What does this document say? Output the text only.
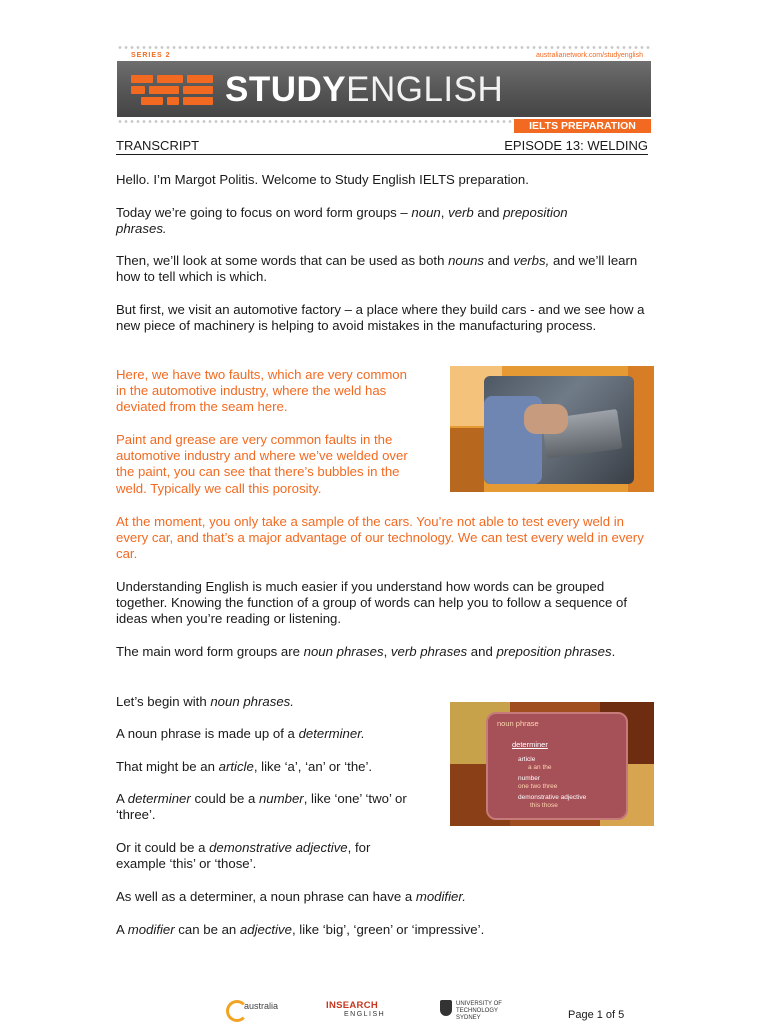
SERIES 2	australianetwork.com/studyenglish
STUDYENGLISH
IELTS PREPARATION
TRANSCRIPT	EPISODE 13: WELDING

Hello. I’m Margot Politis. Welcome to Study English IELTS preparation.

Today we’re going to focus on word form groups – noun, verb and preposition phrases.

Then, we’ll look at some words that can be used as both nouns and verbs, and we’ll learn how to tell which is which.

But first, we visit an automotive factory – a place where they build cars - and we see how a new piece of machinery is helping to avoid mistakes in the manufacturing process.

Here, we have two faults, which are very common in the automotive industry, where the weld has deviated from the seam here.

Paint and grease are very common faults in the automotive industry and where we’ve welded over the paint, you can see that there’s bubbles in the weld. Typically we call this porosity.

At the moment, you only take a sample of the cars. You’re not able to test every weld in every car, and that’s a major advantage of our technology. We can test every weld in every car.

Understanding English is much easier if you understand how words can be grouped together. Knowing the function of a group of words can help you to follow a sequence of ideas when you’re reading or listening.

The main word form groups are noun phrases, verb phrases and preposition phrases.

Let’s begin with noun phrases.

A noun phrase is made up of a determiner.

That might be an article, like ‘a’, ‘an’ or ‘the’.

A determiner could be a number, like ‘one’ ‘two’ or ‘three’.

Or it could be a demonstrative adjective, for example ‘this’ or ‘those’.

As well as a determiner, a noun phrase can have a modifier.

A modifier can be an adjective, like ‘big’, ‘green’ or ‘impressive’.

noun phrase
determiner
article
a an the
number
one two three
demonstrative adjective
this those
australia	INSEARCH
ENGLISH
UNIVERSITY OF
TECHNOLOGY SYDNEY	Page 1 of 5
